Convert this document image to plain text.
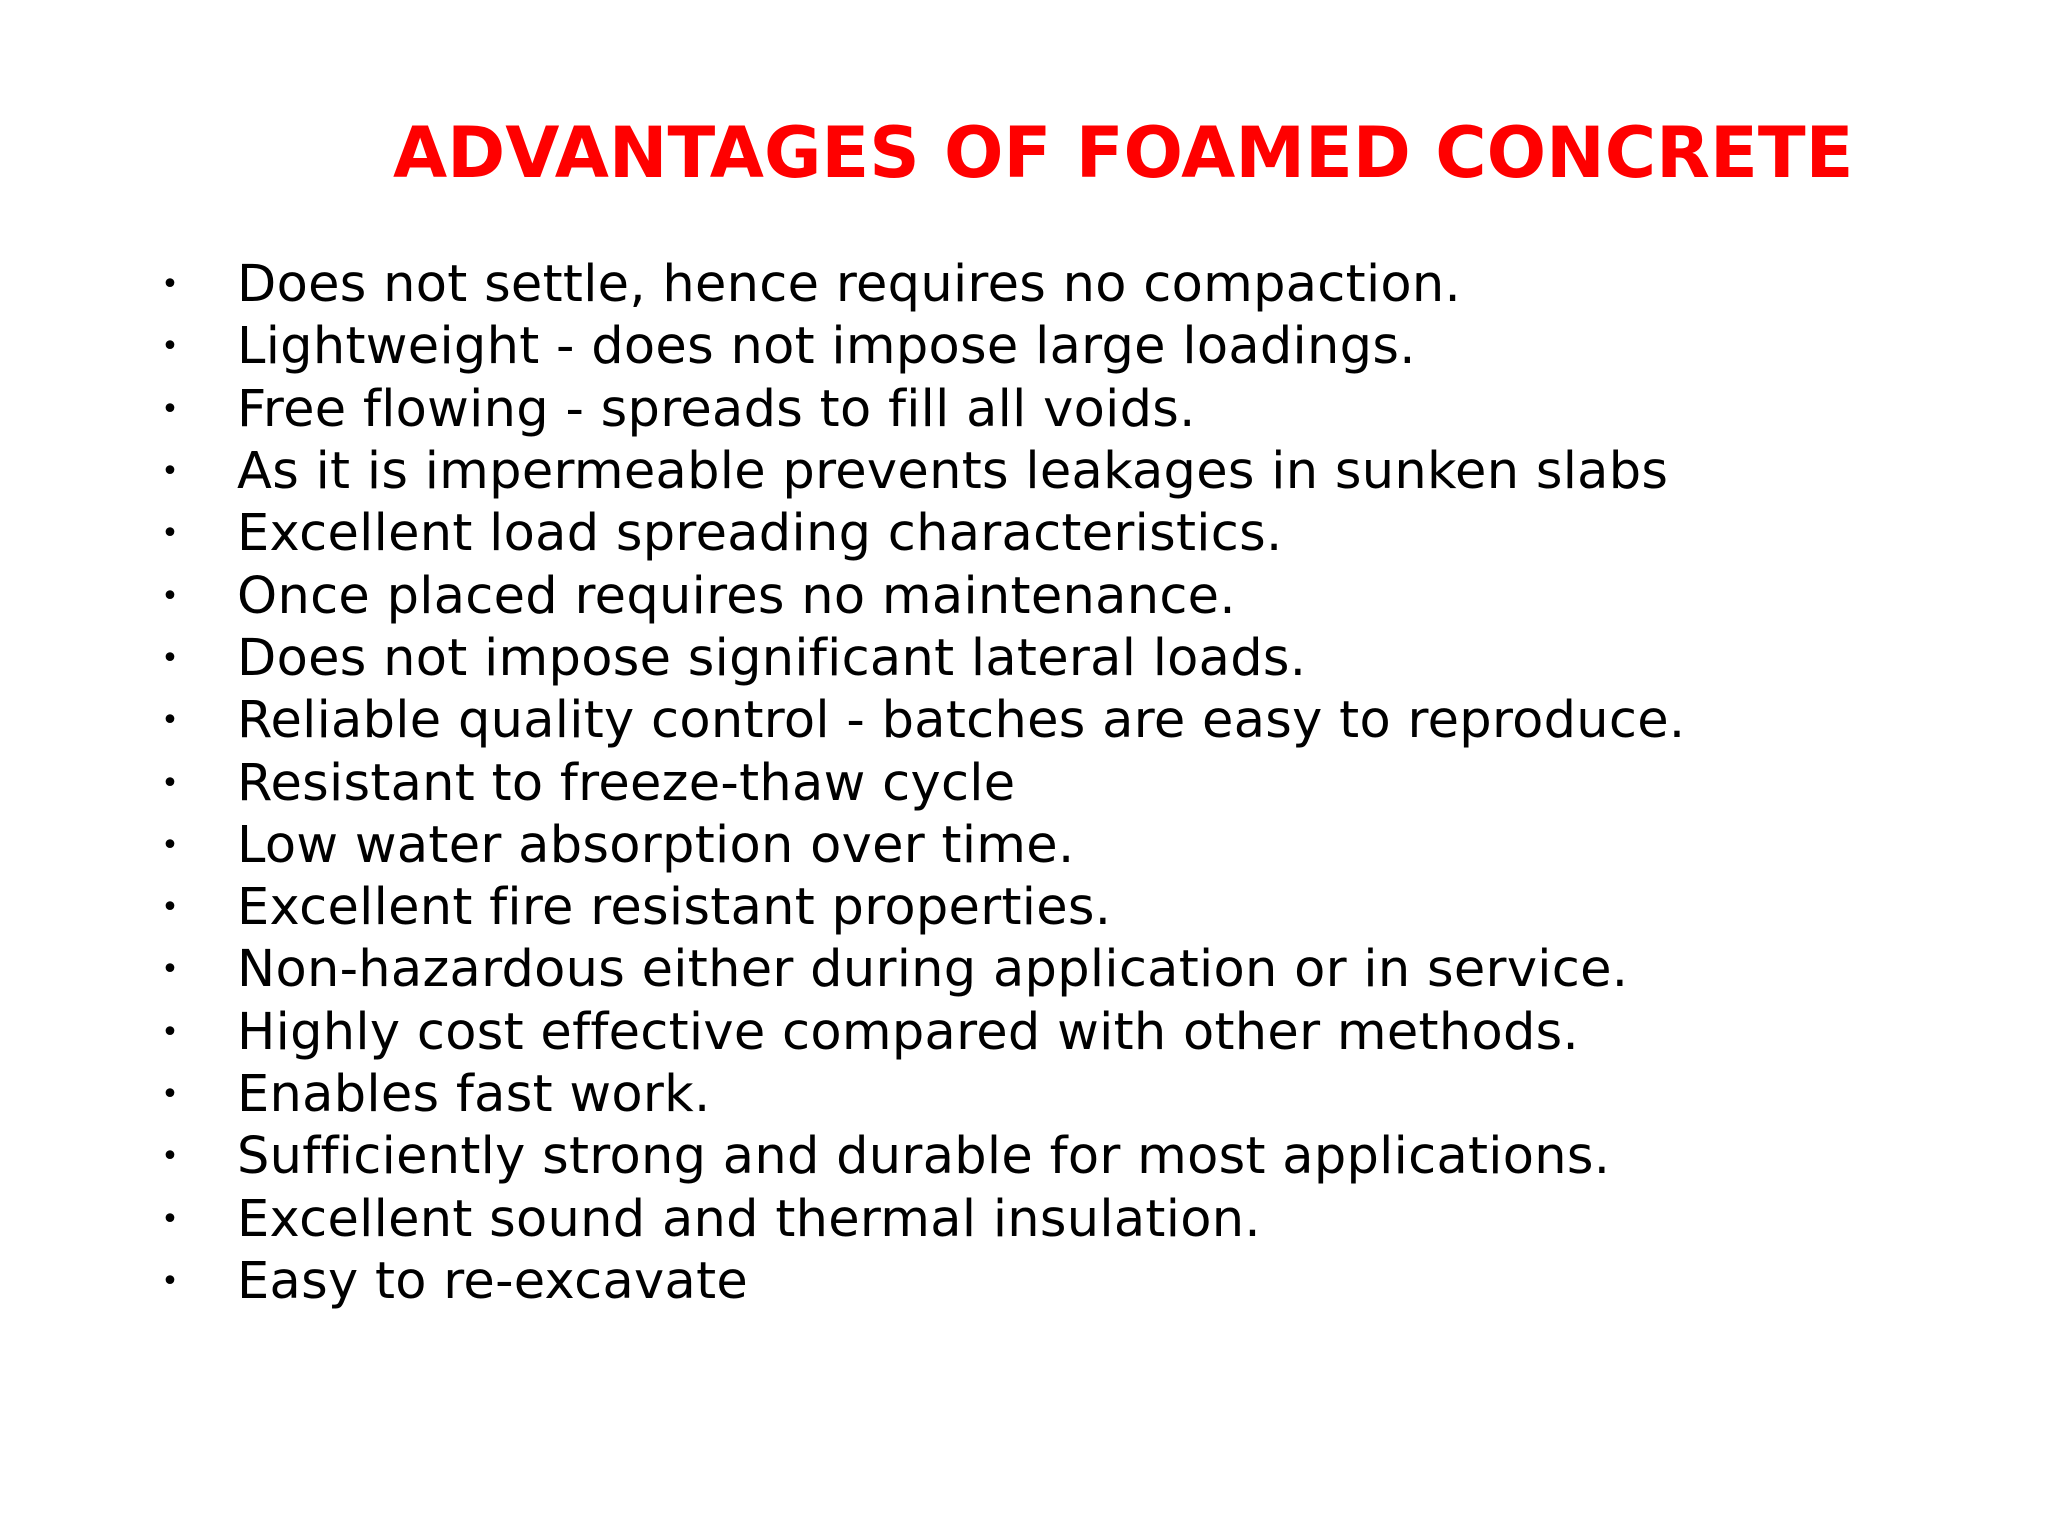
ADVANTAGES OF FOAMED CONCRETE
• Does not settle, hence requires no compaction.
• Lightweight - does not impose large loadings.
• Free flowing - spreads to fill all voids.
• As it is impermeable prevents leakages in sunken slabs
• Excellent load spreading characteristics.
• Once placed requires no maintenance.
• Does not impose significant lateral loads.
• Reliable quality control - batches are easy to reproduce.
• Resistant to freeze-thaw cycle
• Low water absorption over time.
• Excellent fire resistant properties.
• Non-hazardous either during application or in service.
• Highly cost effective compared with other methods.
• Enables fast work.
• Sufficiently strong and durable for most applications.
• Excellent sound and thermal insulation.
• Easy to re-excavate
